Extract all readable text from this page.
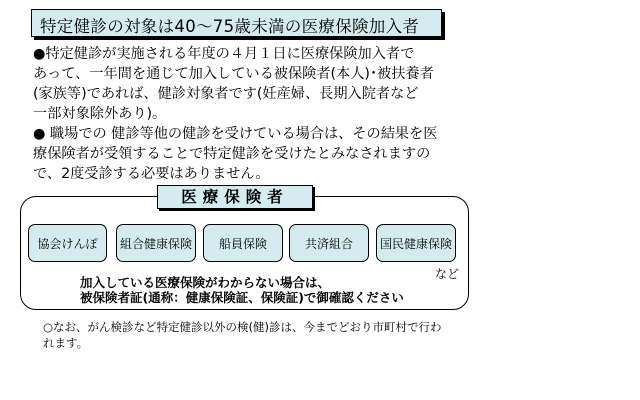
特定健診の対象は40～75歳未満の医療保険加入者
●特定健診が実施される年度の４月１日に医療保険加入者で
あって、一年間を通じて加入している被保険者(本人)･被扶養者
(家族等)であれば、健診対象者です(妊産婦、長期入院者など
一部対象除外あり)。
● 職場での 健診等他の健診を受けている場合は、その結果を医
療保険者が受領することで特定健診を受けたとみなされますの
で、2度受診する必要はありません。
医療保険者
協会けんぽ	組合健康保険	船員保険	共済組合	国民健康保険
など
加入している医療保険がわからない場合は、
被保険者証(通称：健康保険証、保険証)で御確認ください
○なお、がん検診など特定健診以外の検(健)診は、今までどおり市町村で行わ
れます。
